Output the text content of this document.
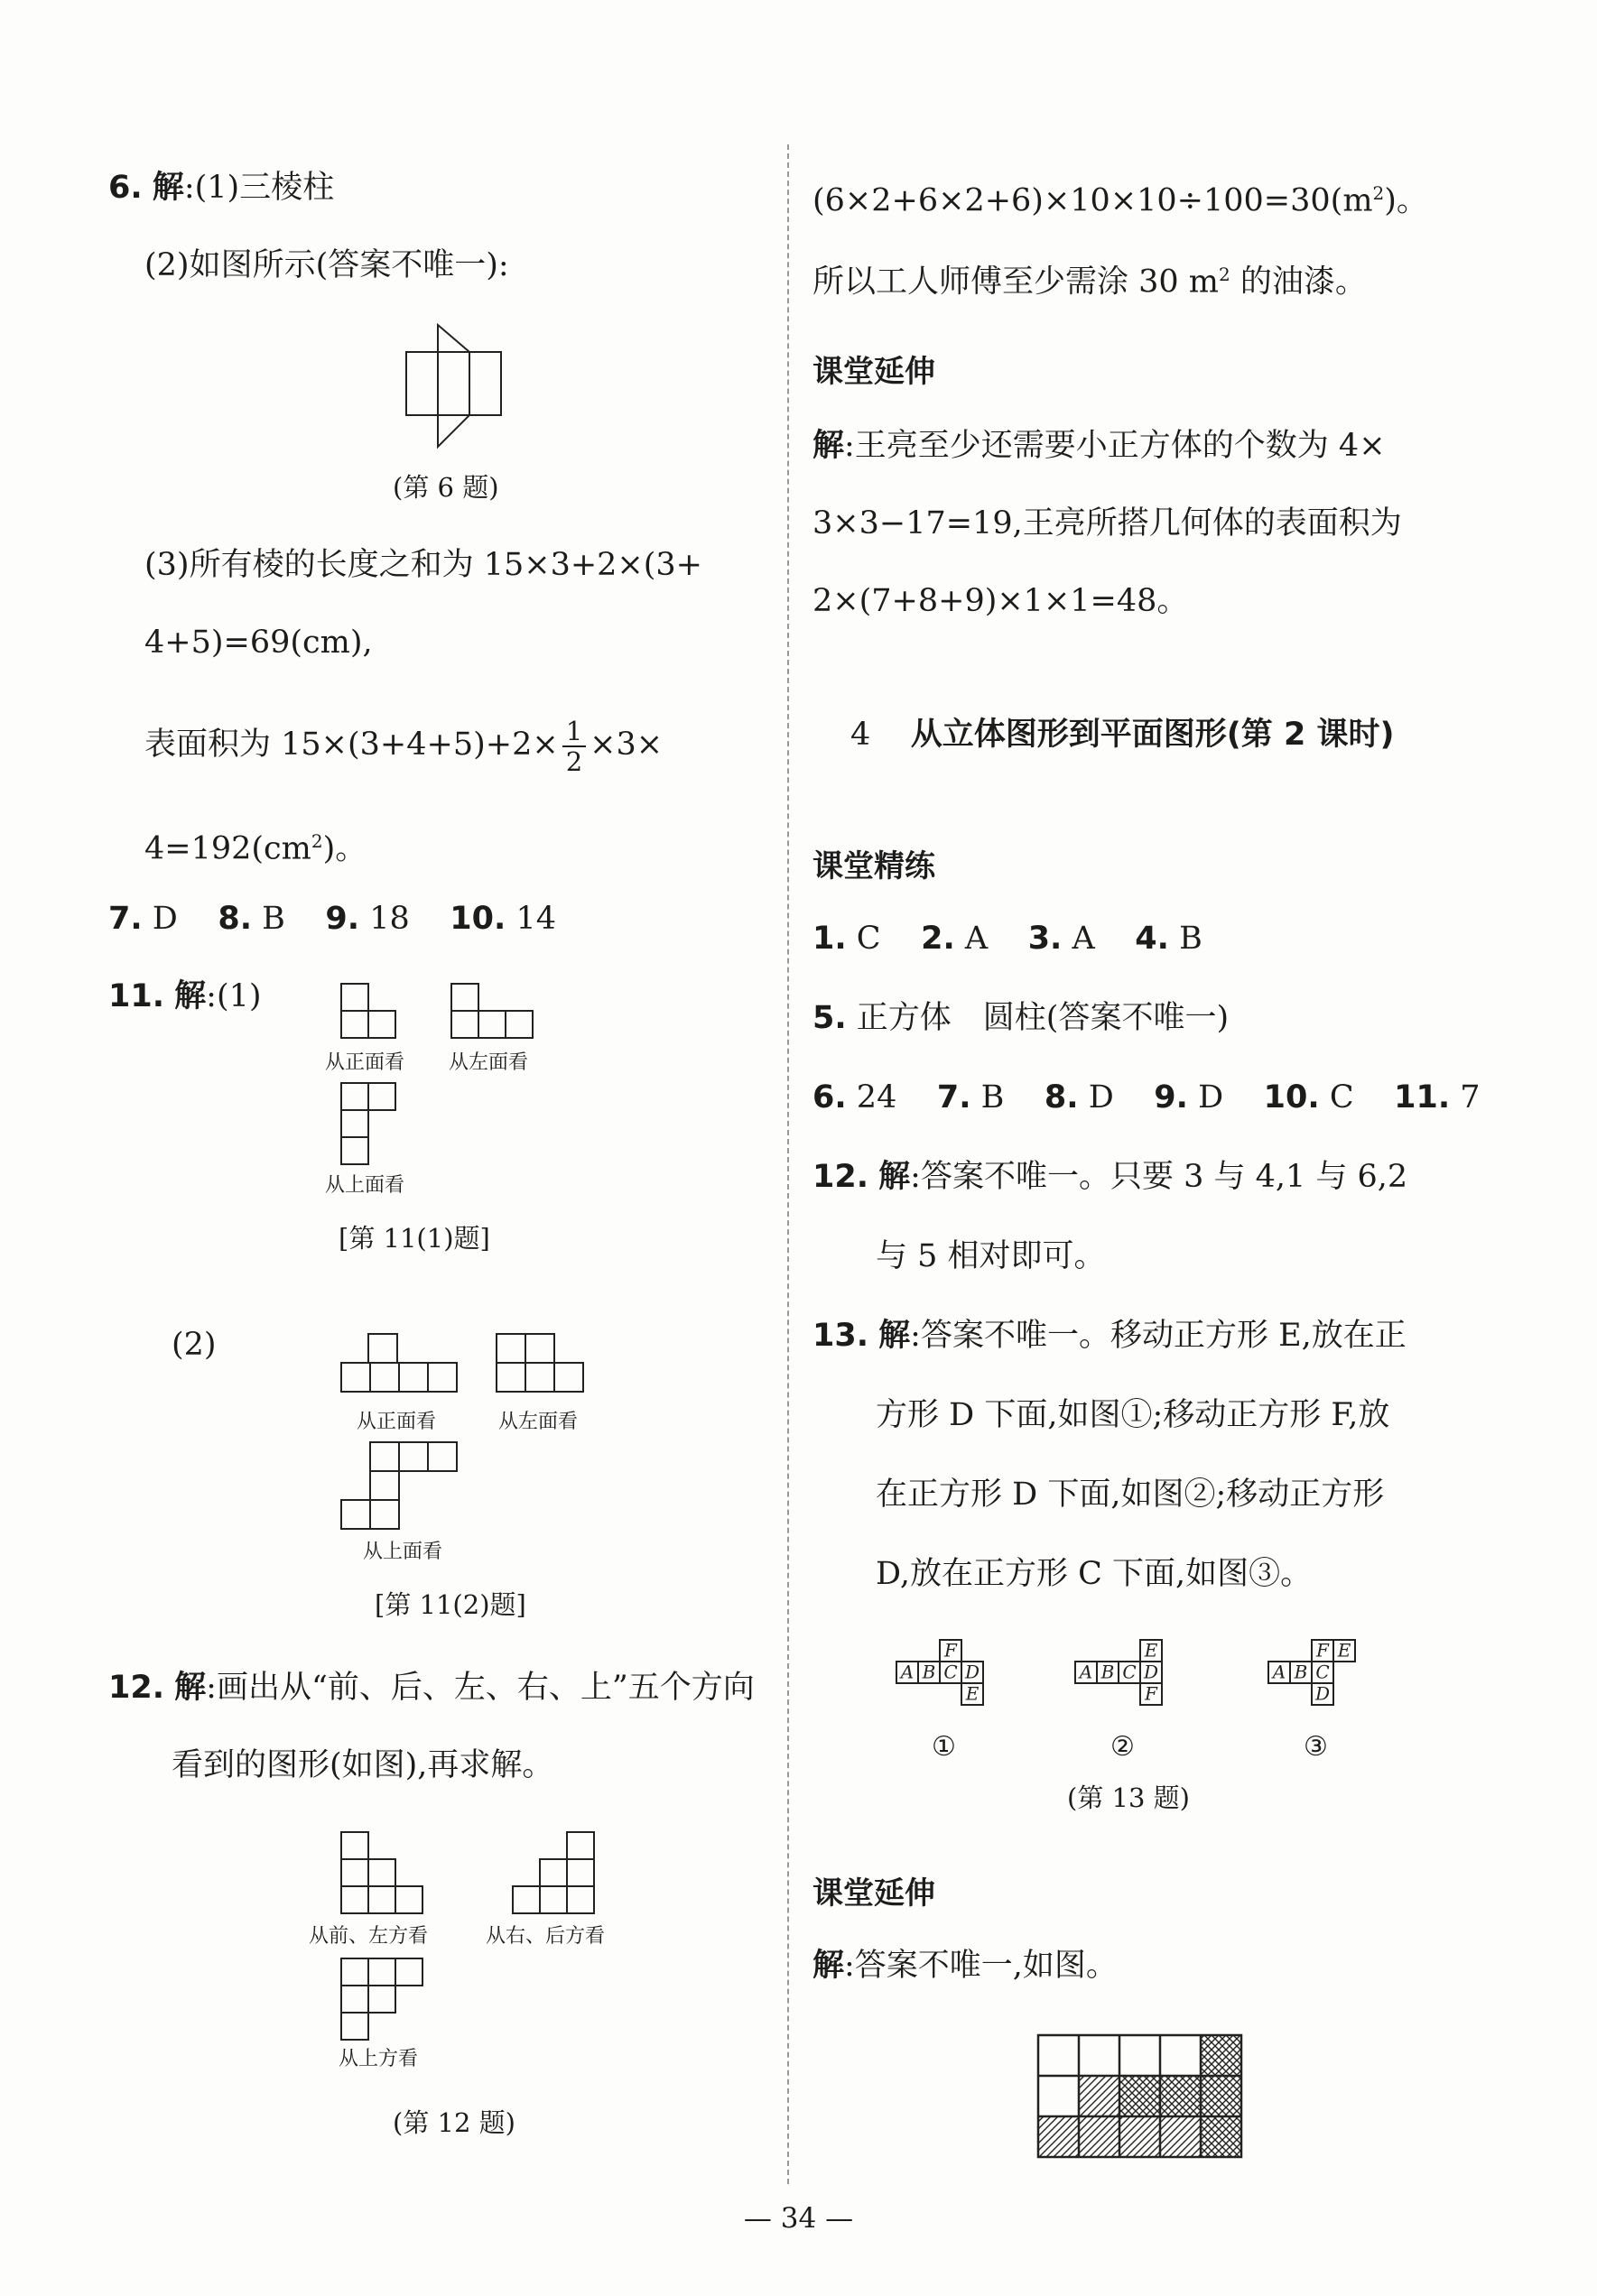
6. 解:(1)三棱柱
(2)如图所示(答案不唯一):
(第 6 题)
(3)所有棱的长度之和为 15×3+2×(3+
4+5)=69(cm),
表面积为 $15\times(3+4+5)+2\times \frac{1}{2} \times 3\times$
$4=192(cm^2)$。
7. D 8. B 9. 18 10. 14
11. 解:(1)
从正面看 从左面看
从上面看
[第 11(1)题]
(2)
从正面看	从左面看
从上面看
[第 11(2)题]
12. 解:画出从“前、后、左、右、上”五个方向
看到的图形(如图),再求解。
从前、左方看	从右、后方看
从上方看
(第 12 题)
$(6\times 2+6\times 2+6)\times 10\times 10\div 100=30(m^2)$。
所以工人师傅至少需涂 30 $m^2$ 的油漆。
课堂延伸
解:王亮至少还需要小正方体的个数为 4×
3×3−17=19,王亮所搭几何体的表面积为
2×(7+8+9)×1×1=48。
4 从立体图形到平面图形(第 2 课时)
课堂精练
1. C 2. A 3. A 4. B
5. 正方体　圆柱(答案不唯一)
6. 24 7. B 8. D 9. D 10. C 11. 7
12. 解:答案不唯一。只要 3 与 4,1 与 6,2
与 5 相对即可。
13. 解:答案不唯一。移动正方形 E,放在正
方形 D 下面,如图①;移动正方形 F,放
在正方形 D 下面,如图②;移动正方形
D,放在正方形 C 下面,如图③。
A B C D
F
E
A B C D
E
F
A B C
F E
D
①	②	③
(第 13 题)
课堂延伸
解:答案不唯一,如图。
— 34 —
